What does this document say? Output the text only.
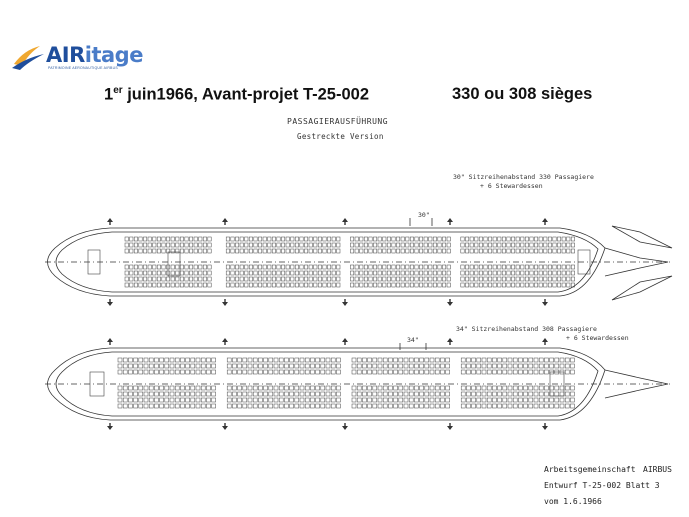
AIRitage
PATRIMOINE AERONAUTIQUE AIRBUS
1er juin1966, Avant-projet T-25-002	330 ou 308 sièges
PASSAGIERAUSFÜHRUNG
Gestreckte Version
30" Sitzreihenabstand 330 Passagiere
+ 6 Stewardessen
30"
34" Sitzreihenabstand 308 Passagiere
+ 6 Stewardessen
34"
Arbeitsgemeinschaft AIRBUS
Entwurf T-25-002 Blatt 3
vom 1.6.1966
